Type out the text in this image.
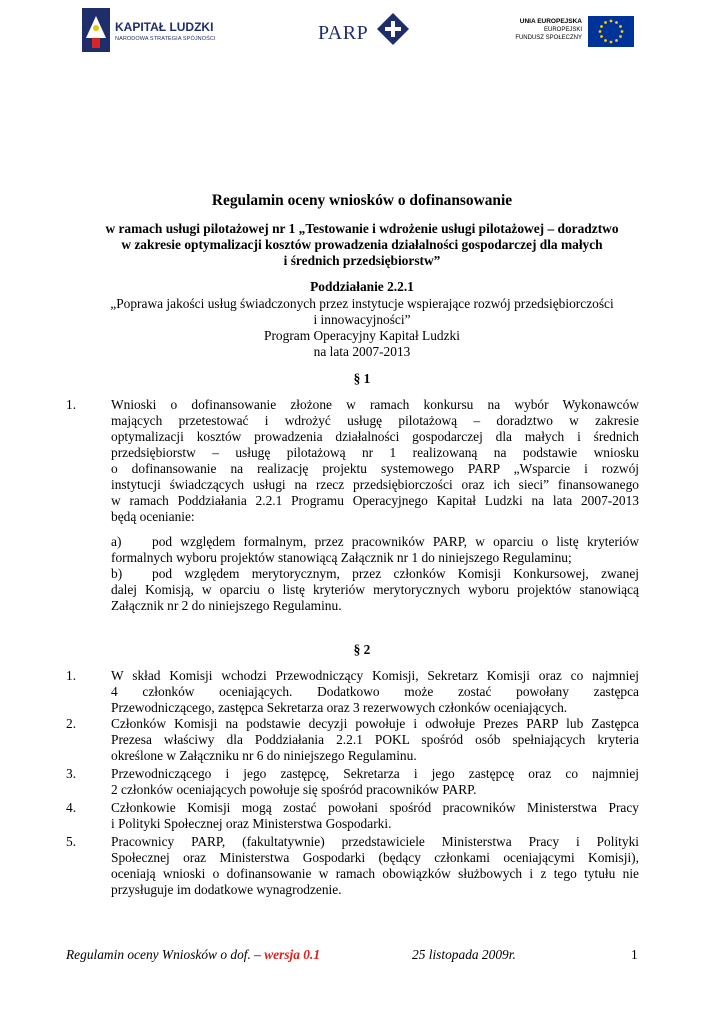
KAPITAŁ LUDZKI
NARODOWA STRATEGIA SPÓJNOŚCI	PARP
UNIA EUROPEJSKA
EUROPEJSKI
FUNDUSZ SPOŁECZNY
Regulamin oceny wniosków o dofinansowanie
w ramach usługi pilotażowej nr 1 „Testowanie i wdrożenie usługi pilotażowej – doradztwo
w zakresie optymalizacji kosztów prowadzenia działalności gospodarczej dla małych
i średnich przedsiębiorstw”
Poddziałanie 2.2.1
„Poprawa jakości usług świadczonych przez instytucje wspierające rozwój przedsiębiorczości
i innowacyjności”
Program Operacyjny Kapitał Ludzki
na lata 2007-2013
§ 1
1.	Wnioski o dofinansowanie złożone w ramach konkursu na wybór Wykonawców
mających przetestować i wdrożyć usługę pilotażową – doradztwo w zakresie
optymalizacji kosztów prowadzenia działalności gospodarczej dla małych i średnich
przedsiębiorstw – usługę pilotażową nr 1 realizowaną na podstawie wniosku
o dofinansowanie na realizację projektu systemowego PARP „Wsparcie i rozwój
instytucji świadczących usługi na rzecz przedsiębiorczości oraz ich sieci” finansowanego
w ramach Poddziałania 2.2.1 Programu Operacyjnego Kapitał Ludzki na lata 2007-2013
będą ocenianie:
a) pod względem formalnym, przez pracowników PARP, w oparciu o listę kryteriów
formalnych wyboru projektów stanowiącą Załącznik nr 1 do niniejszego Regulaminu;
b) pod względem merytorycznym, przez członków Komisji Konkursowej, zwanej
dalej Komisją, w oparciu o listę kryteriów merytorycznych wyboru projektów stanowiącą
Załącznik nr 2 do niniejszego Regulaminu.
§ 2
1.	W skład Komisji wchodzi Przewodniczący Komisji, Sekretarz Komisji oraz co najmniej
4 członków oceniających. Dodatkowo może zostać powołany zastępca
Przewodniczącego, zastępca Sekretarza oraz 3 rezerwowych członków oceniających.
2.	Członków Komisji na podstawie decyzji powołuje i odwołuje Prezes PARP lub Zastępca
Prezesa właściwy dla Poddziałania 2.2.1 POKL spośród osób spełniających kryteria
określone w Załączniku nr 6 do niniejszego Regulaminu.
3.	Przewodniczącego i jego zastępcę, Sekretarza i jego zastępcę oraz co najmniej
2 członków oceniających powołuje się spośród pracowników PARP.
4.	Członkowie Komisji mogą zostać powołani spośród pracowników Ministerstwa Pracy
i Polityki Społecznej oraz Ministerstwa Gospodarki.
5.	Pracownicy PARP, (fakultatywnie) przedstawiciele Ministerstwa Pracy i Polityki
Społecznej oraz Ministerstwa Gospodarki (będący członkami oceniającymi Komisji),
oceniają wnioski o dofinansowanie w ramach obowiązków służbowych i z tego tytułu nie
przysługuje im dodatkowe wynagrodzenie.
Regulamin oceny Wniosków o dof. – wersja 0.1	25 listopada 2009r.	1
